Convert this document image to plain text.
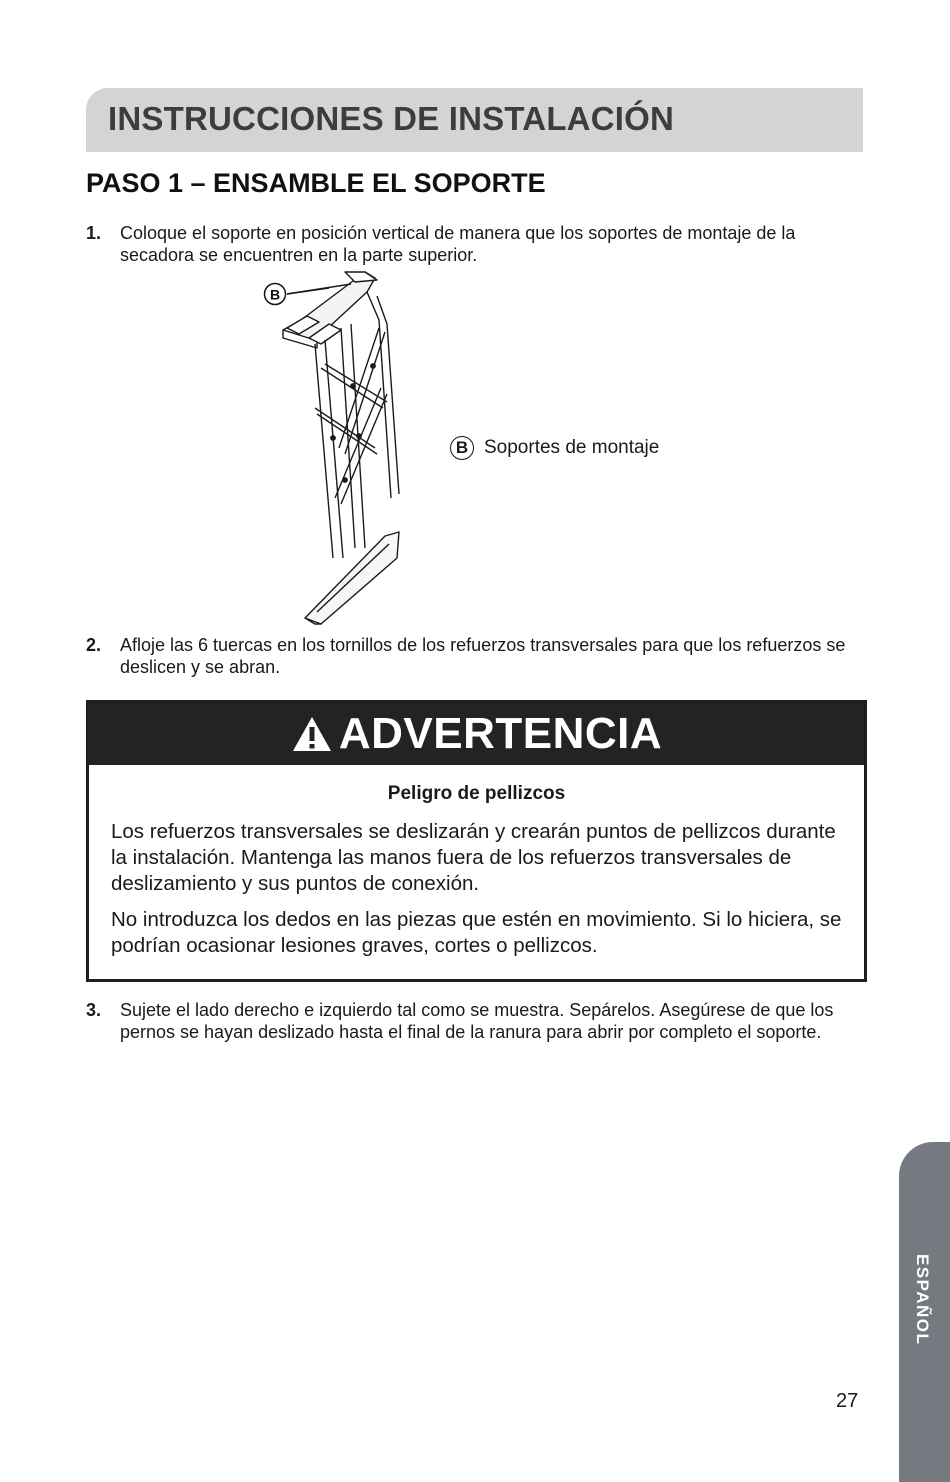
INSTRUCCIONES DE INSTALACIÓN
PASO 1 – ENSAMBLE EL SOPORTE
1. Coloque el soporte en posición vertical de manera que los soportes de montaje de la secadora se encuentren en la parte superior.
B
B Soportes de montaje
2. Afloje las 6 tuercas en los tornillos de los refuerzos transversales para que los refuerzos se deslicen y se abran.
ADVERTENCIA
Peligro de pellizcos

Los refuerzos transversales se deslizarán y crearán puntos de pellizcos durante la instalación. Mantenga las manos fuera de los refuerzos transversales de deslizamiento y sus puntos de conexión.

No introduzca los dedos en las piezas que estén en movimiento. Si lo hiciera, se podrían ocasionar lesiones graves, cortes o pellizcos.

3. Sujete el lado derecho e izquierdo tal como se muestra. Sepárelos. Asegúrese de que los pernos se hayan deslizado hasta el final de la ranura para abrir por completo el soporte.
ESPAÑOL
27
